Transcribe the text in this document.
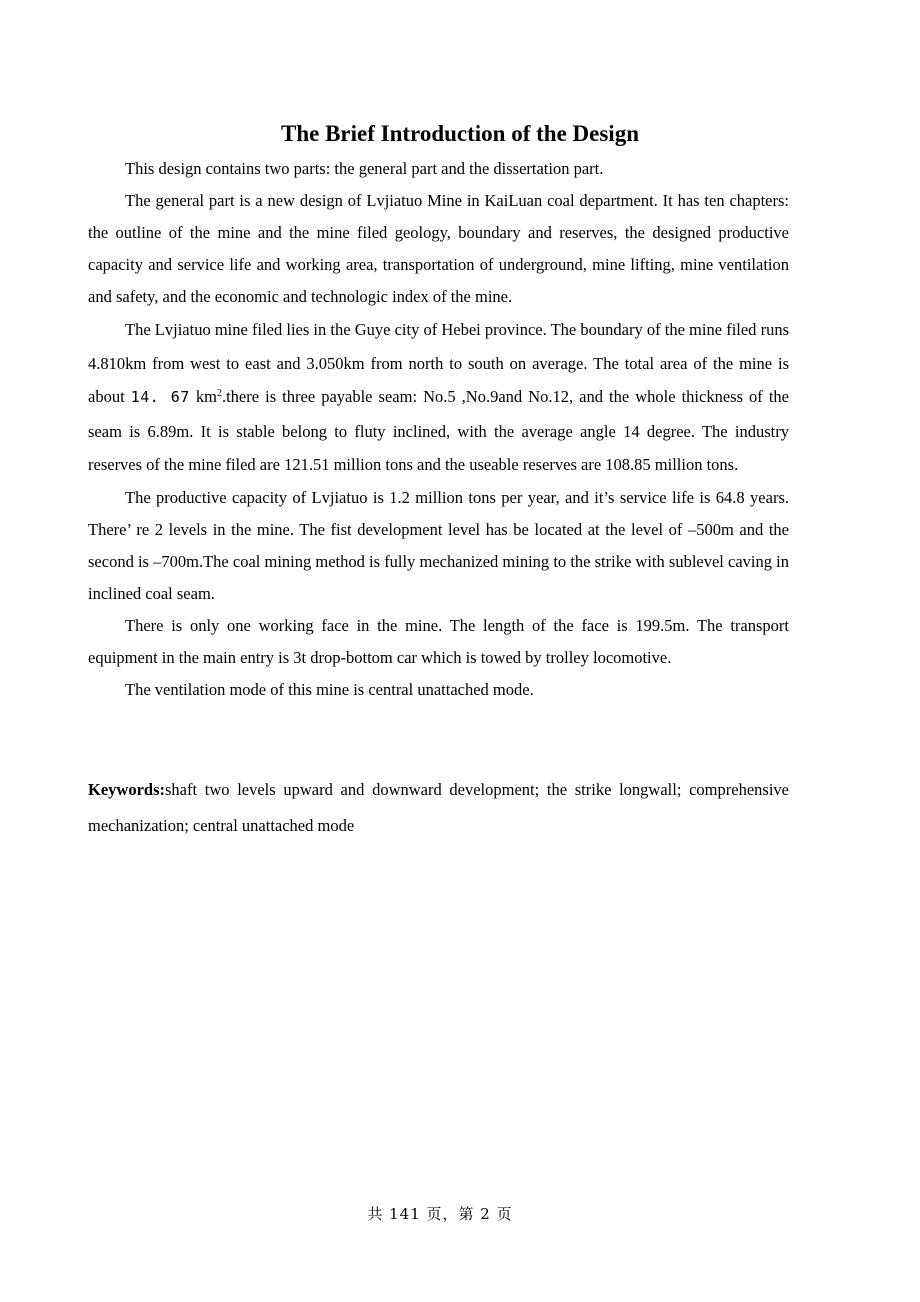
The Brief Introduction of the Design

This design contains two parts: the general part and the dissertation part.

The general part is a new design of Lvjiatuo Mine in KaiLuan coal department. It has ten chapters: the outline of the mine and the mine filed geology, boundary and reserves, the designed productive capacity and service life and working area, transportation of underground, mine lifting, mine ventilation and safety, and the economic and technologic index of the mine.

The Lvjiatuo mine filed lies in the Guye city of Hebei province. The boundary of the mine filed runs 4.810km from west to east and 3.050km from north to south on average. The total area of the mine is about 14. 67 $km^2.there$ is three payable seam: No.5 ,No.9and No.12, and the whole thickness of the seam is 6.89m. It is stable belong to fluty inclined, with the average angle 14 degree. The industry reserves of the mine filed are 121.51 million tons and the useable reserves are 108.85 million tons.

The productive capacity of Lvjiatuo is 1.2 million tons per year, and it’s service life is 64.8 years. There’ re 2 levels in the mine. The fist development level has be located at the level of –500m and the second is –700m.The coal mining method is fully mechanized mining to the strike with sublevel caving in inclined coal seam.

There is only one working face in the mine. The length of the face is 199.5m. The transport equipment in the main entry is 3t drop-bottom car which is towed by trolley locomotive.

The ventilation mode of this mine is central unattached mode.

Keywords:shaft two levels upward and downward development; the strike longwall; comprehensive mechanization; central unattached mode

共 141 页，第 2 页
